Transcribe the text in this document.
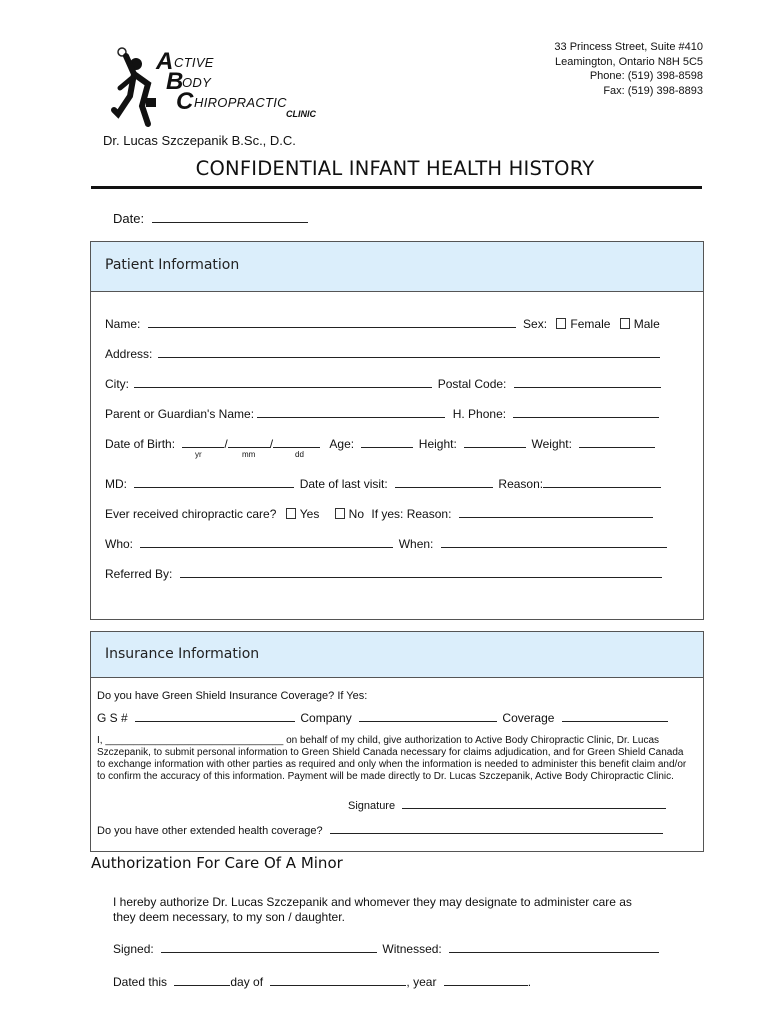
33 Princess Street, Suite #410
Leamington, Ontario N8H 5C5
Phone: (519) 398-8598
Fax: (519) 398-8893
A CTIVE
B
ODY
C HIROPRACTIC
CLINIC
Dr. Lucas Szczepanik B.Sc., D.C.
CONFIDENTIAL INFANT HEALTH HISTORY
Date:
Patient Information
Name:	Sex: Female Male
Address:
City:	Postal Code:
Parent or Guardian's Name:	H. Phone:
Date of Birth:	/	/	Age:	Height:	Weight:
yr	mm	dd
MD:	Date of last visit:	Reason:
Ever received chiropractic care? Yes No If yes: Reason:
Who:	When:
Referred By:
Insurance Information
Do you have Green Shield Insurance Coverage? If Yes:
G S #	Company	Coverage
I, ________________________________ on behalf of my child, give authorization to Active Body Chiropractic Clinic, Dr. Lucas
Szczepanik, to submit personal information to Green Shield Canada necessary for claims adjudication, and for Green Shield Canada
to exchange information with other parties as required and only when the information is needed to administer this benefit claim and/or
to confirm the accuracy of this information. Payment will be made directly to Dr. Lucas Szczepanik, Active Body Chiropractic Clinic.
Signature
Do you have other extended health coverage?
Authorization For Care Of A Minor
I hereby authorize Dr. Lucas Szczepanik and whomever they may designate to administer care as
they deem necessary, to my son / daughter.
Signed:	Witnessed:
Dated this	day of	, year	.
